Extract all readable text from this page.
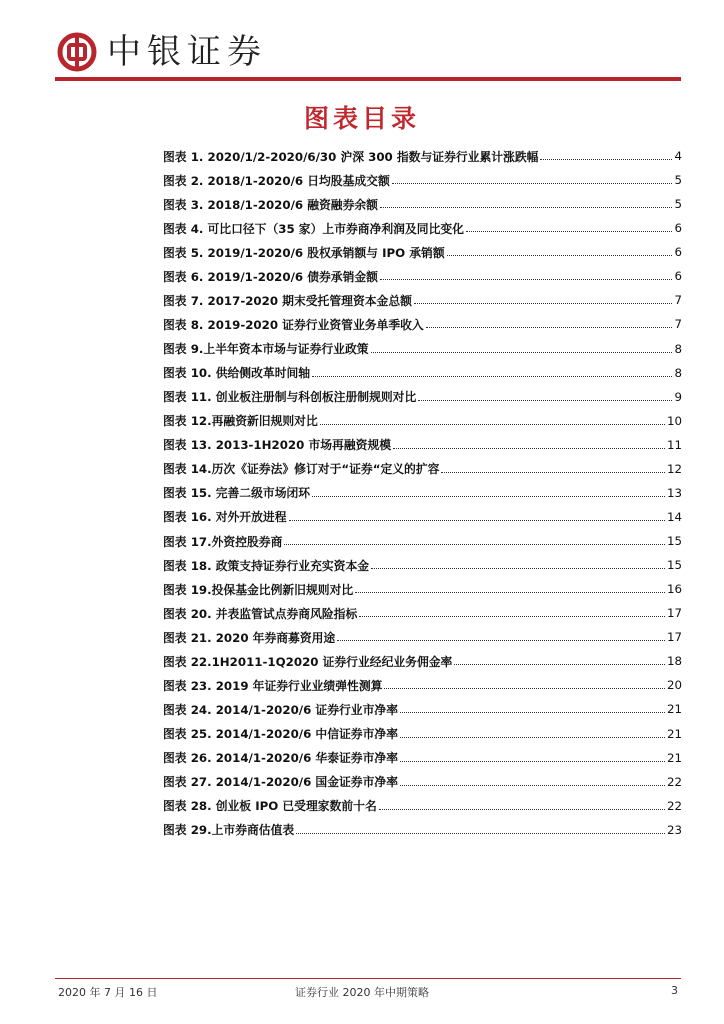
中银证券
图表目录
图表 1. 2020/1/2-2020/6/30 沪深 300 指数与证券行业累计涨跌幅	4
图表 2. 2018/1-2020/6 日均股基成交额	5
图表 3. 2018/1-2020/6 融资融券余额	5
图表 4. 可比口径下（35 家）上市券商净利润及同比变化	6
图表 5. 2019/1-2020/6 股权承销额与 IPO 承销额	6
图表 6. 2019/1-2020/6 债券承销金额	6
图表 7. 2017-2020 期末受托管理资本金总额	7
图表 8. 2019-2020 证券行业资管业务单季收入	7
图表 9.上半年资本市场与证券行业政策	8
图表 10. 供给侧改革时间轴	8
图表 11. 创业板注册制与科创板注册制规则对比	9
图表 12.再融资新旧规则对比	10
图表 13. 2013-1H2020 市场再融资规模	11
图表 14.历次《证券法》修订对于“证券“定义的扩容	12
图表 15. 完善二级市场闭环	13
图表 16. 对外开放进程	14
图表 17.外资控股券商	15
图表 18. 政策支持证券行业充实资本金	15
图表 19.投保基金比例新旧规则对比	16
图表 20. 并表监管试点券商风险指标	17
图表 21. 2020 年券商募资用途	17
图表 22.1H2011-1Q2020 证券行业经纪业务佣金率	18
图表 23. 2019 年证券行业业绩弹性测算	20
图表 24. 2014/1-2020/6 证券行业市净率	21
图表 25. 2014/1-2020/6 中信证券市净率	21
图表 26. 2014/1-2020/6 华泰证券市净率	21
图表 27. 2014/1-2020/6 国金证券市净率	22
图表 28. 创业板 IPO 已受理家数前十名	22
图表 29.上市券商估值表	23
2020 年 7 月 16 日	证券行业 2020 年中期策略	3
